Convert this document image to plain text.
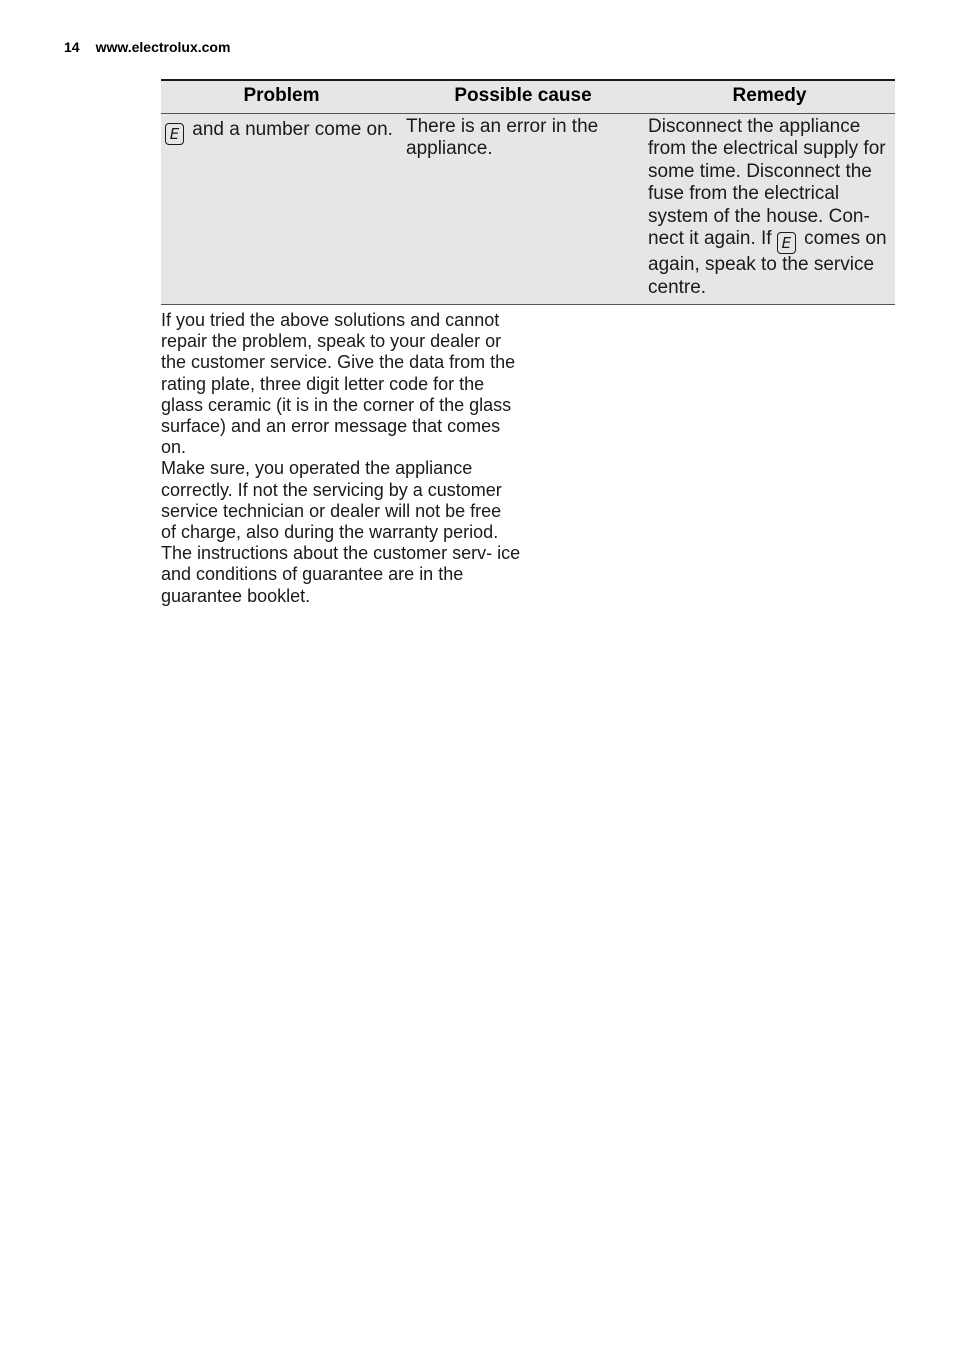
14 www.electrolux.com
Problem	Possible cause	Remedy
E and a number come on.	There is an error in the appliance.	Disconnect the appliance from the electrical supply for some time. Disconnect the fuse from the electrical system of the house. Con- nect it again. If E comes on again, speak to the service centre.

If you tried the above solutions and cannot repair the problem, speak to your dealer or the customer service. Give the data from the rating plate, three digit letter code for the glass ceramic (it is in the corner of the glass surface) and an error message that comes on.

Make sure, you operated the appliance correctly. If not the servicing by a customer service technician or dealer will not be free of charge, also during the warranty period. The instructions about the customer serv- ice and conditions of guarantee are in the guarantee booklet.
